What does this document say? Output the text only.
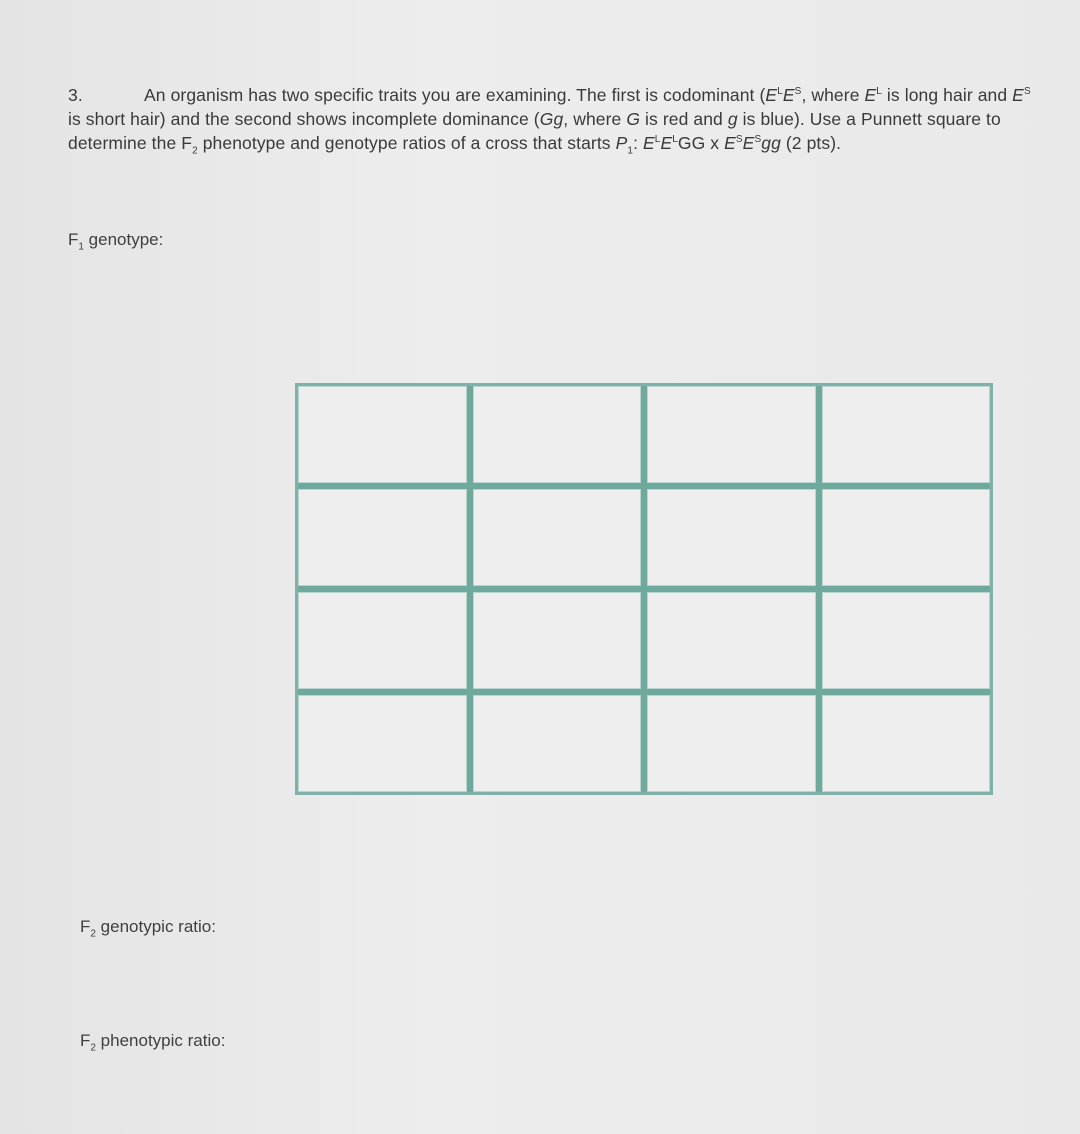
3.	An organism has two specific traits you are examining. The first is codominant ($E^LE^S$, where $E^L$ is long hair and $E^S$ is short hair) and the second shows incomplete dominance (Gg, where G is red and g is blue). Use a Punnett square to determine the $F_2$ phenotype and genotype ratios of a cross that starts $P_1$: $E^LE^LGG$ x $E^SE^Sgg$ (2 pts).
$F_1$ genotype:
$F_2$ genotypic ratio:
$F_2$ phenotypic ratio:
